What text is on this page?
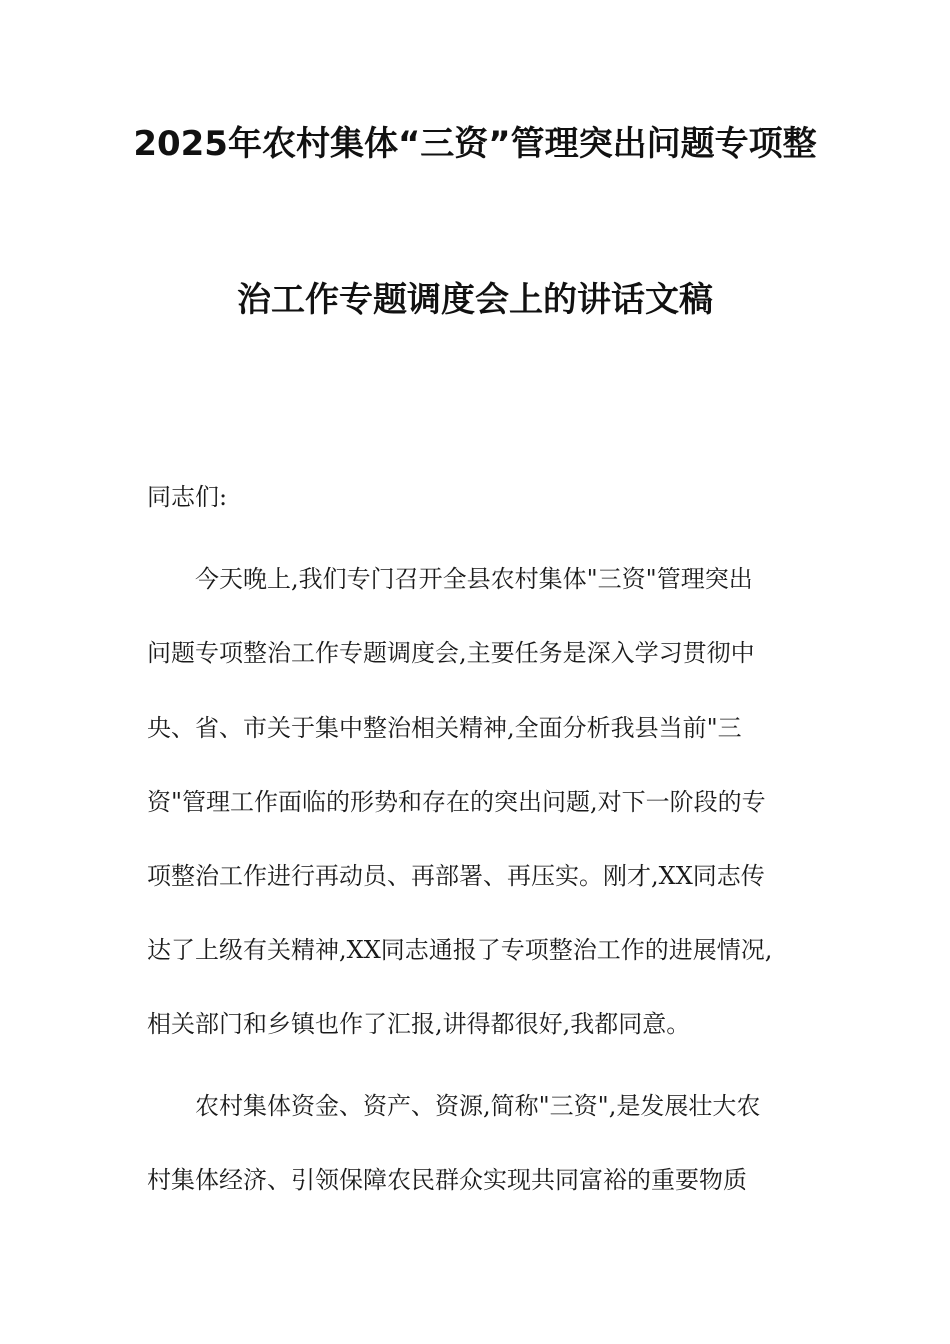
2025年农村集体“三资”管理突出问题专项整
治工作专题调度会上的讲话文稿
同志们:
今天晚上,我们专门召开全县农村集体"三资"管理突出
问题专项整治工作专题调度会,主要任务是深入学习贯彻中
央、省、市关于集中整治相关精神,全面分析我县当前"三
资"管理工作面临的形势和存在的突出问题,对下一阶段的专
项整治工作进行再动员、再部署、再压实。刚才,XX同志传
达了上级有关精神,XX同志通报了专项整治工作的进展情况,
相关部门和乡镇也作了汇报,讲得都很好,我都同意。
农村集体资金、资产、资源,简称"三资",是发展壮大农
村集体经济、引领保障农民群众实现共同富裕的重要物质
